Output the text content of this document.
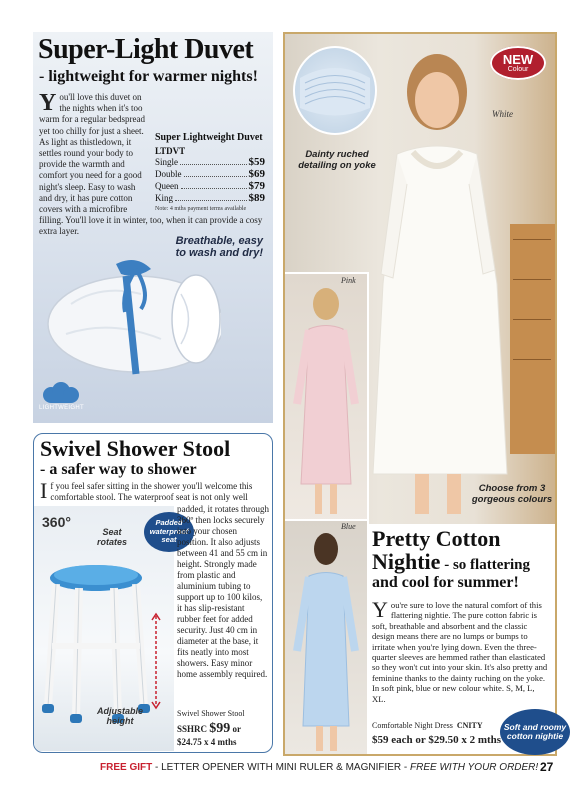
Super-Light Duvet
- lightweight for warmer nights!
You'll love this duvet on the nights when it's too warm for a regular bedspread yet too chilly for just a sheet. As light as thistledown, it settles round your body to provide the warmth and comfort you need for a good night's sleep. Easy to wash and dry, it has pure cotton covers with a microfibre filling. You'll love it in winter, too, when it can provide a cosy extra layer.
Super Lightweight Duvet
LTDVT
Single	$59
Double	$69
Queen	$79
King	$89
Note: 4 mths payment terms available
Breathable, easy to wash and dry!
LIGHTWEIGHT
Swivel Shower Stool
- a safer way to shower
If you feel safer sitting in the shower you'll welcome this comfortable stool. The waterproof seat is not only well
360°
Seat rotates
Padded waterproof seat
Adjustable height
padded, it rotates through 360º then locks securely into your chosen position. It also adjusts between 41 and 55 cm in height. Strongly made from plastic and aluminium tubing to support up to 100 kilos, it has slip-resistant rubber feet for added security. Just 40 cm in diameter at the base, it fits neatly into most showers. Easy minor home assembly required.
Swivel Shower Stool
SSHRC $99 or
$24.75 x 4 mths
Dainty ruched detailing on yoke
NEW
Colour
White
Pink
Blue
Choose from 3 gorgeous colours
Pretty Cotton
Nightie - so flattering
and cool for summer!
You're sure to love the natural comfort of this flattering nightie. The pure cotton fabric is soft, breathable and absorbent and the classic design means there are no lumps or bumps to irritate when you're lying down. Even the three-quarter sleeves are hemmed rather than elasticated so they won't cut into your skin. It's also pretty and feminine thanks to the dainty ruching on the yoke. In soft pink, blue or new colour white. S, M, L, XL.
Comfortable Night Dress CNITY
$59 each or $29.50 x 2 mths
Soft and roomy cotton nightie
FREE GIFT - LETTER OPENER WITH MINI RULER & MAGNIFIER - FREE WITH YOUR ORDER! 27
